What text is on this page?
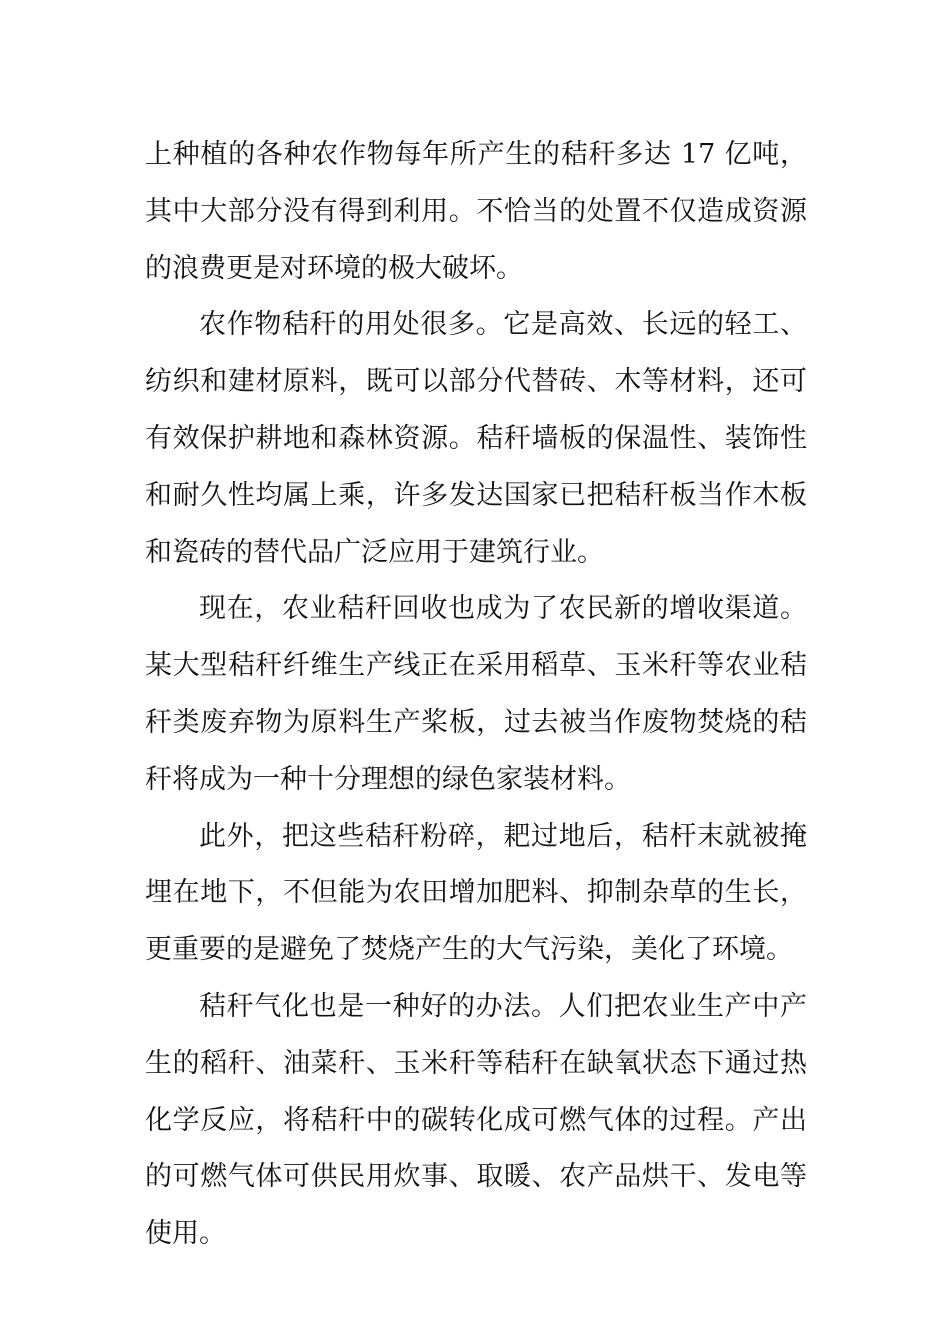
上种植的各种农作物每年所产生的秸秆多达 17 亿吨，其中大部分没有得到利用。不恰当的处置不仅造成资源的浪费更是对环境的极大破坏。

农作物秸秆的用处很多。它是高效、长远的轻工、纺织和建材原料，既可以部分代替砖、木等材料，还可有效保护耕地和森林资源。秸秆墙板的保温性、装饰性和耐久性均属上乘，许多发达国家已把秸秆板当作木板和瓷砖的替代品广泛应用于建筑行业。

现在，农业秸秆回收也成为了农民新的增收渠道。某大型秸秆纤维生产线正在采用稻草、玉米秆等农业秸秆类废弃物为原料生产桨板，过去被当作废物焚烧的秸秆将成为一种十分理想的绿色家装材料。

此外，把这些秸秆粉碎，耙过地后，秸杆末就被掩埋在地下，不但能为农田增加肥料、抑制杂草的生长，更重要的是避免了焚烧产生的大气污染，美化了环境。

秸秆气化也是一种好的办法。人们把农业生产中产生的稻秆、油菜秆、玉米秆等秸秆在缺氧状态下通过热化学反应，将秸秆中的碳转化成可燃气体的过程。产出的可燃气体可供民用炊事、取暖、农产品烘干、发电等使用。
